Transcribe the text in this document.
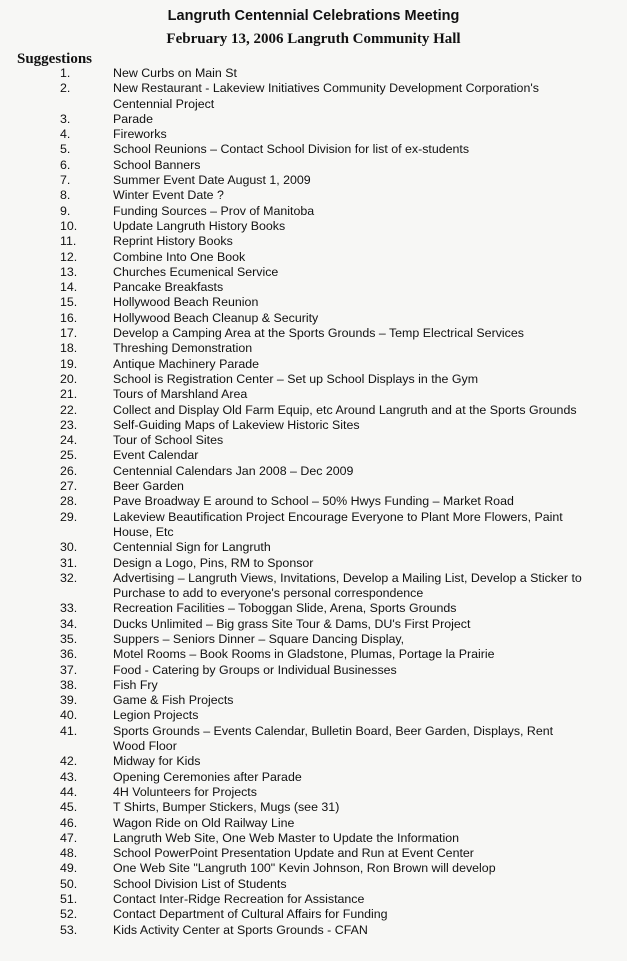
Langruth Centennial Celebrations Meeting
February 13, 2006 Langruth Community Hall
Suggestions
1.	New Curbs on Main St
2.	New Restaurant - Lakeview Initiatives Community Development Corporation's Centennial Project
3.	Parade
4.	Fireworks
5.	School Reunions – Contact School Division for list of ex-students
6.	School Banners
7.	Summer Event Date August 1, 2009
8.	Winter Event Date ?
9.	Funding Sources – Prov of Manitoba
10.	Update Langruth History Books
11.	Reprint History Books
12.	Combine Into One Book
13.	Churches Ecumenical Service
14.	Pancake Breakfasts
15.	Hollywood Beach Reunion
16.	Hollywood Beach Cleanup & Security
17.	Develop a Camping Area at the Sports Grounds – Temp Electrical Services
18.	Threshing Demonstration
19.	Antique Machinery Parade
20.	School is Registration Center – Set up School Displays in the Gym
21.	Tours of Marshland Area
22.	Collect and Display Old Farm Equip, etc Around Langruth and at the Sports Grounds
23.	Self-Guiding Maps of Lakeview Historic Sites
24.	Tour of School Sites
25.	Event Calendar
26.	Centennial Calendars Jan 2008 – Dec 2009
27.	Beer Garden
28.	Pave Broadway E around to School – 50% Hwys Funding – Market Road
29.	Lakeview Beautification Project Encourage Everyone to Plant More Flowers, Paint House, Etc
30.	Centennial Sign for Langruth
31.	Design a Logo, Pins, RM to Sponsor
32.	Advertising – Langruth Views, Invitations, Develop a Mailing List, Develop a Sticker to Purchase to add to everyone's personal correspondence
33.	Recreation Facilities – Toboggan Slide, Arena, Sports Grounds
34.	Ducks Unlimited – Big grass Site Tour & Dams, DU's First Project
35.	Suppers – Seniors Dinner – Square Dancing Display,
36.	Motel Rooms – Book Rooms in Gladstone, Plumas, Portage la Prairie
37.	Food - Catering by Groups or Individual Businesses
38.	Fish Fry
39.	Game & Fish Projects
40.	Legion Projects
41.	Sports Grounds – Events Calendar, Bulletin Board, Beer Garden, Displays, Rent Wood Floor
42.	Midway for Kids
43.	Opening Ceremonies after Parade
44.	4H Volunteers for Projects
45.	T Shirts, Bumper Stickers, Mugs (see 31)
46.	Wagon Ride on Old Railway Line
47.	Langruth Web Site, One Web Master to Update the Information
48.	School PowerPoint Presentation Update and Run at Event Center
49.	One Web Site "Langruth 100" Kevin Johnson, Ron Brown will develop
50.	School Division List of Students
51.	Contact Inter-Ridge Recreation for Assistance
52.	Contact Department of Cultural Affairs for Funding
53.	Kids Activity Center at Sports Grounds - CFAN
